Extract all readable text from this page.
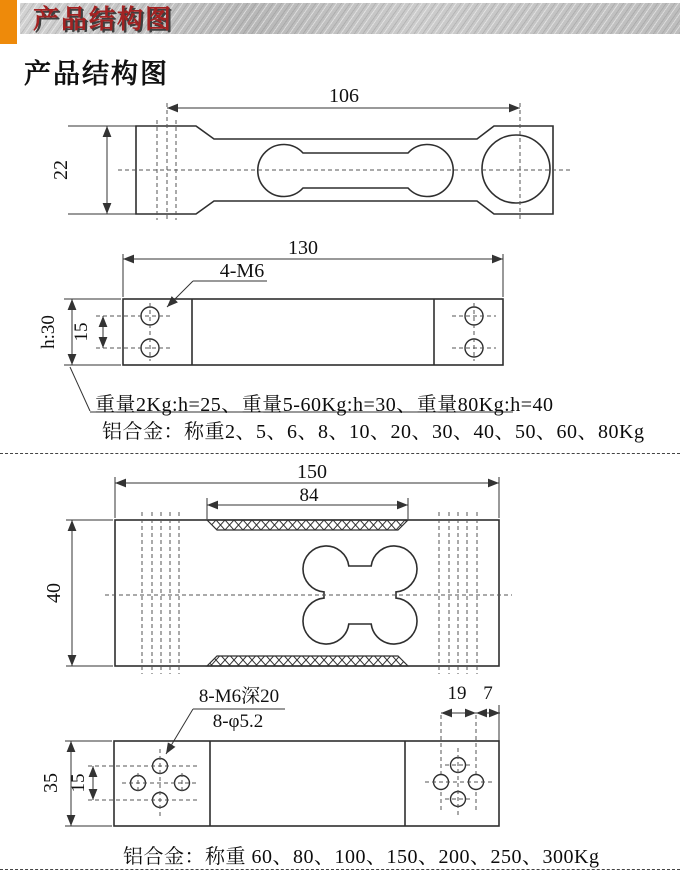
产品结构图
产品结构图
106
22
130
4-M6
15
h:30
重量2Kg:h=25、重量5-60Kg:h=30、重量80Kg:h=40
铝合金：称重2、5、6、8、10、20、30、40、50、60、80Kg
150
84
40
8-M6深20
8-φ5.2
19 7
15
35
铝合金：称重 60、80、100、150、200、250、300Kg
